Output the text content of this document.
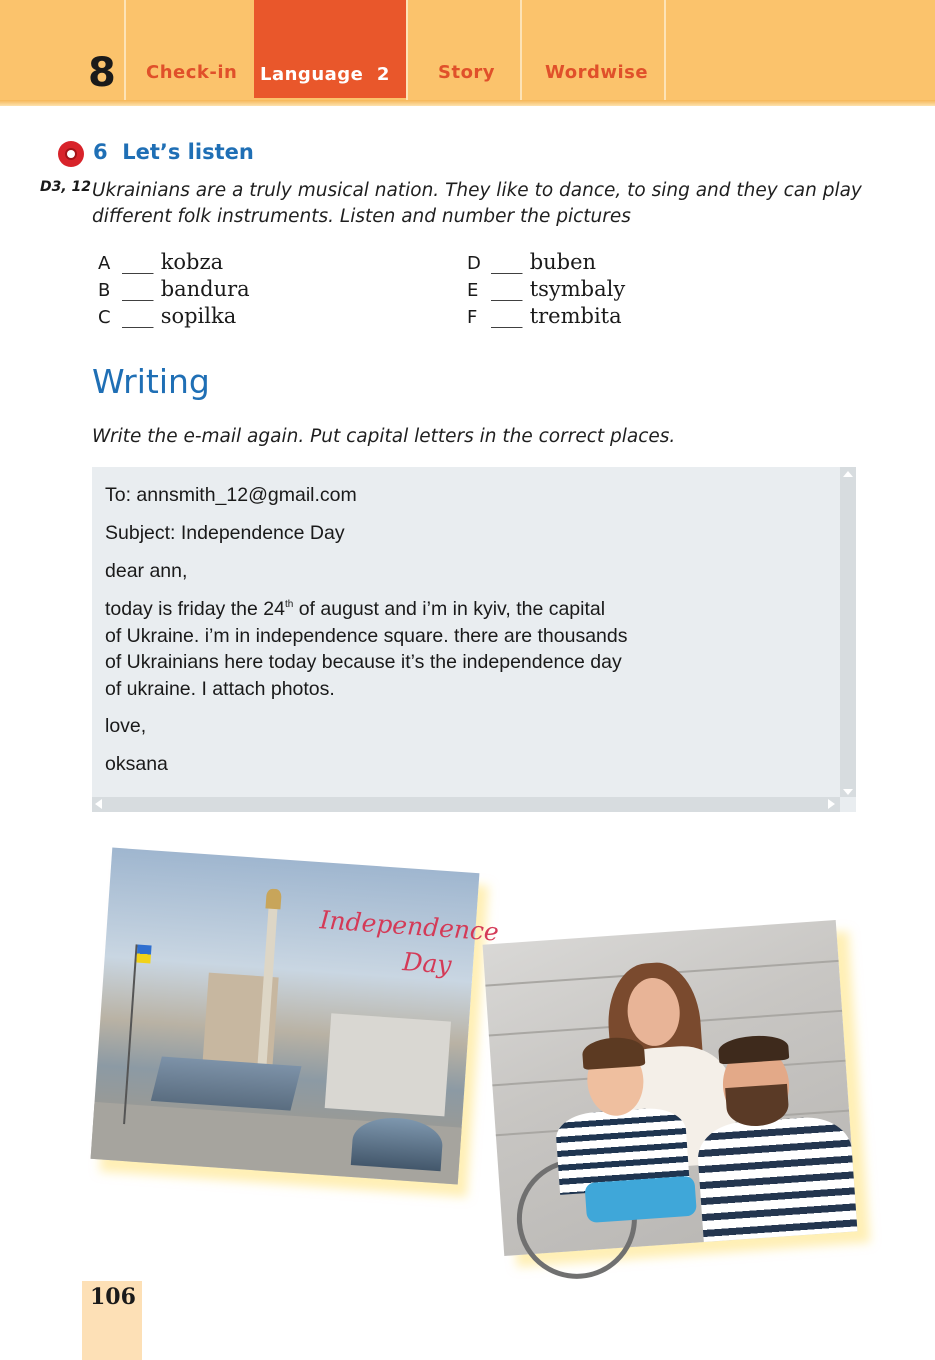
8 Check-in Language  2	Story	Wordwise
6  Let’s listen
D3, 12 Ukrainians are a truly musical nation. They like to dance, to sing and they can play different folk instruments. Listen and number the pictures
A ___ kobza
B ___ bandura
C ___ sopilka
D ___ buben
E ___ tsymbaly
F ___ trembita
Writing
Write the e-mail again. Put capital letters in the correct places.
To: annsmith_12@gmail.com
Subject: Independence Day
dear ann,
today is friday the 24th of august and i’m in kyiv, the capital
of Ukraine. i’m in independence square. there are thousands
of Ukrainians here today because it’s the independence day
of ukraine. I attach photos.
love,
oksana
Independence
Day
106
